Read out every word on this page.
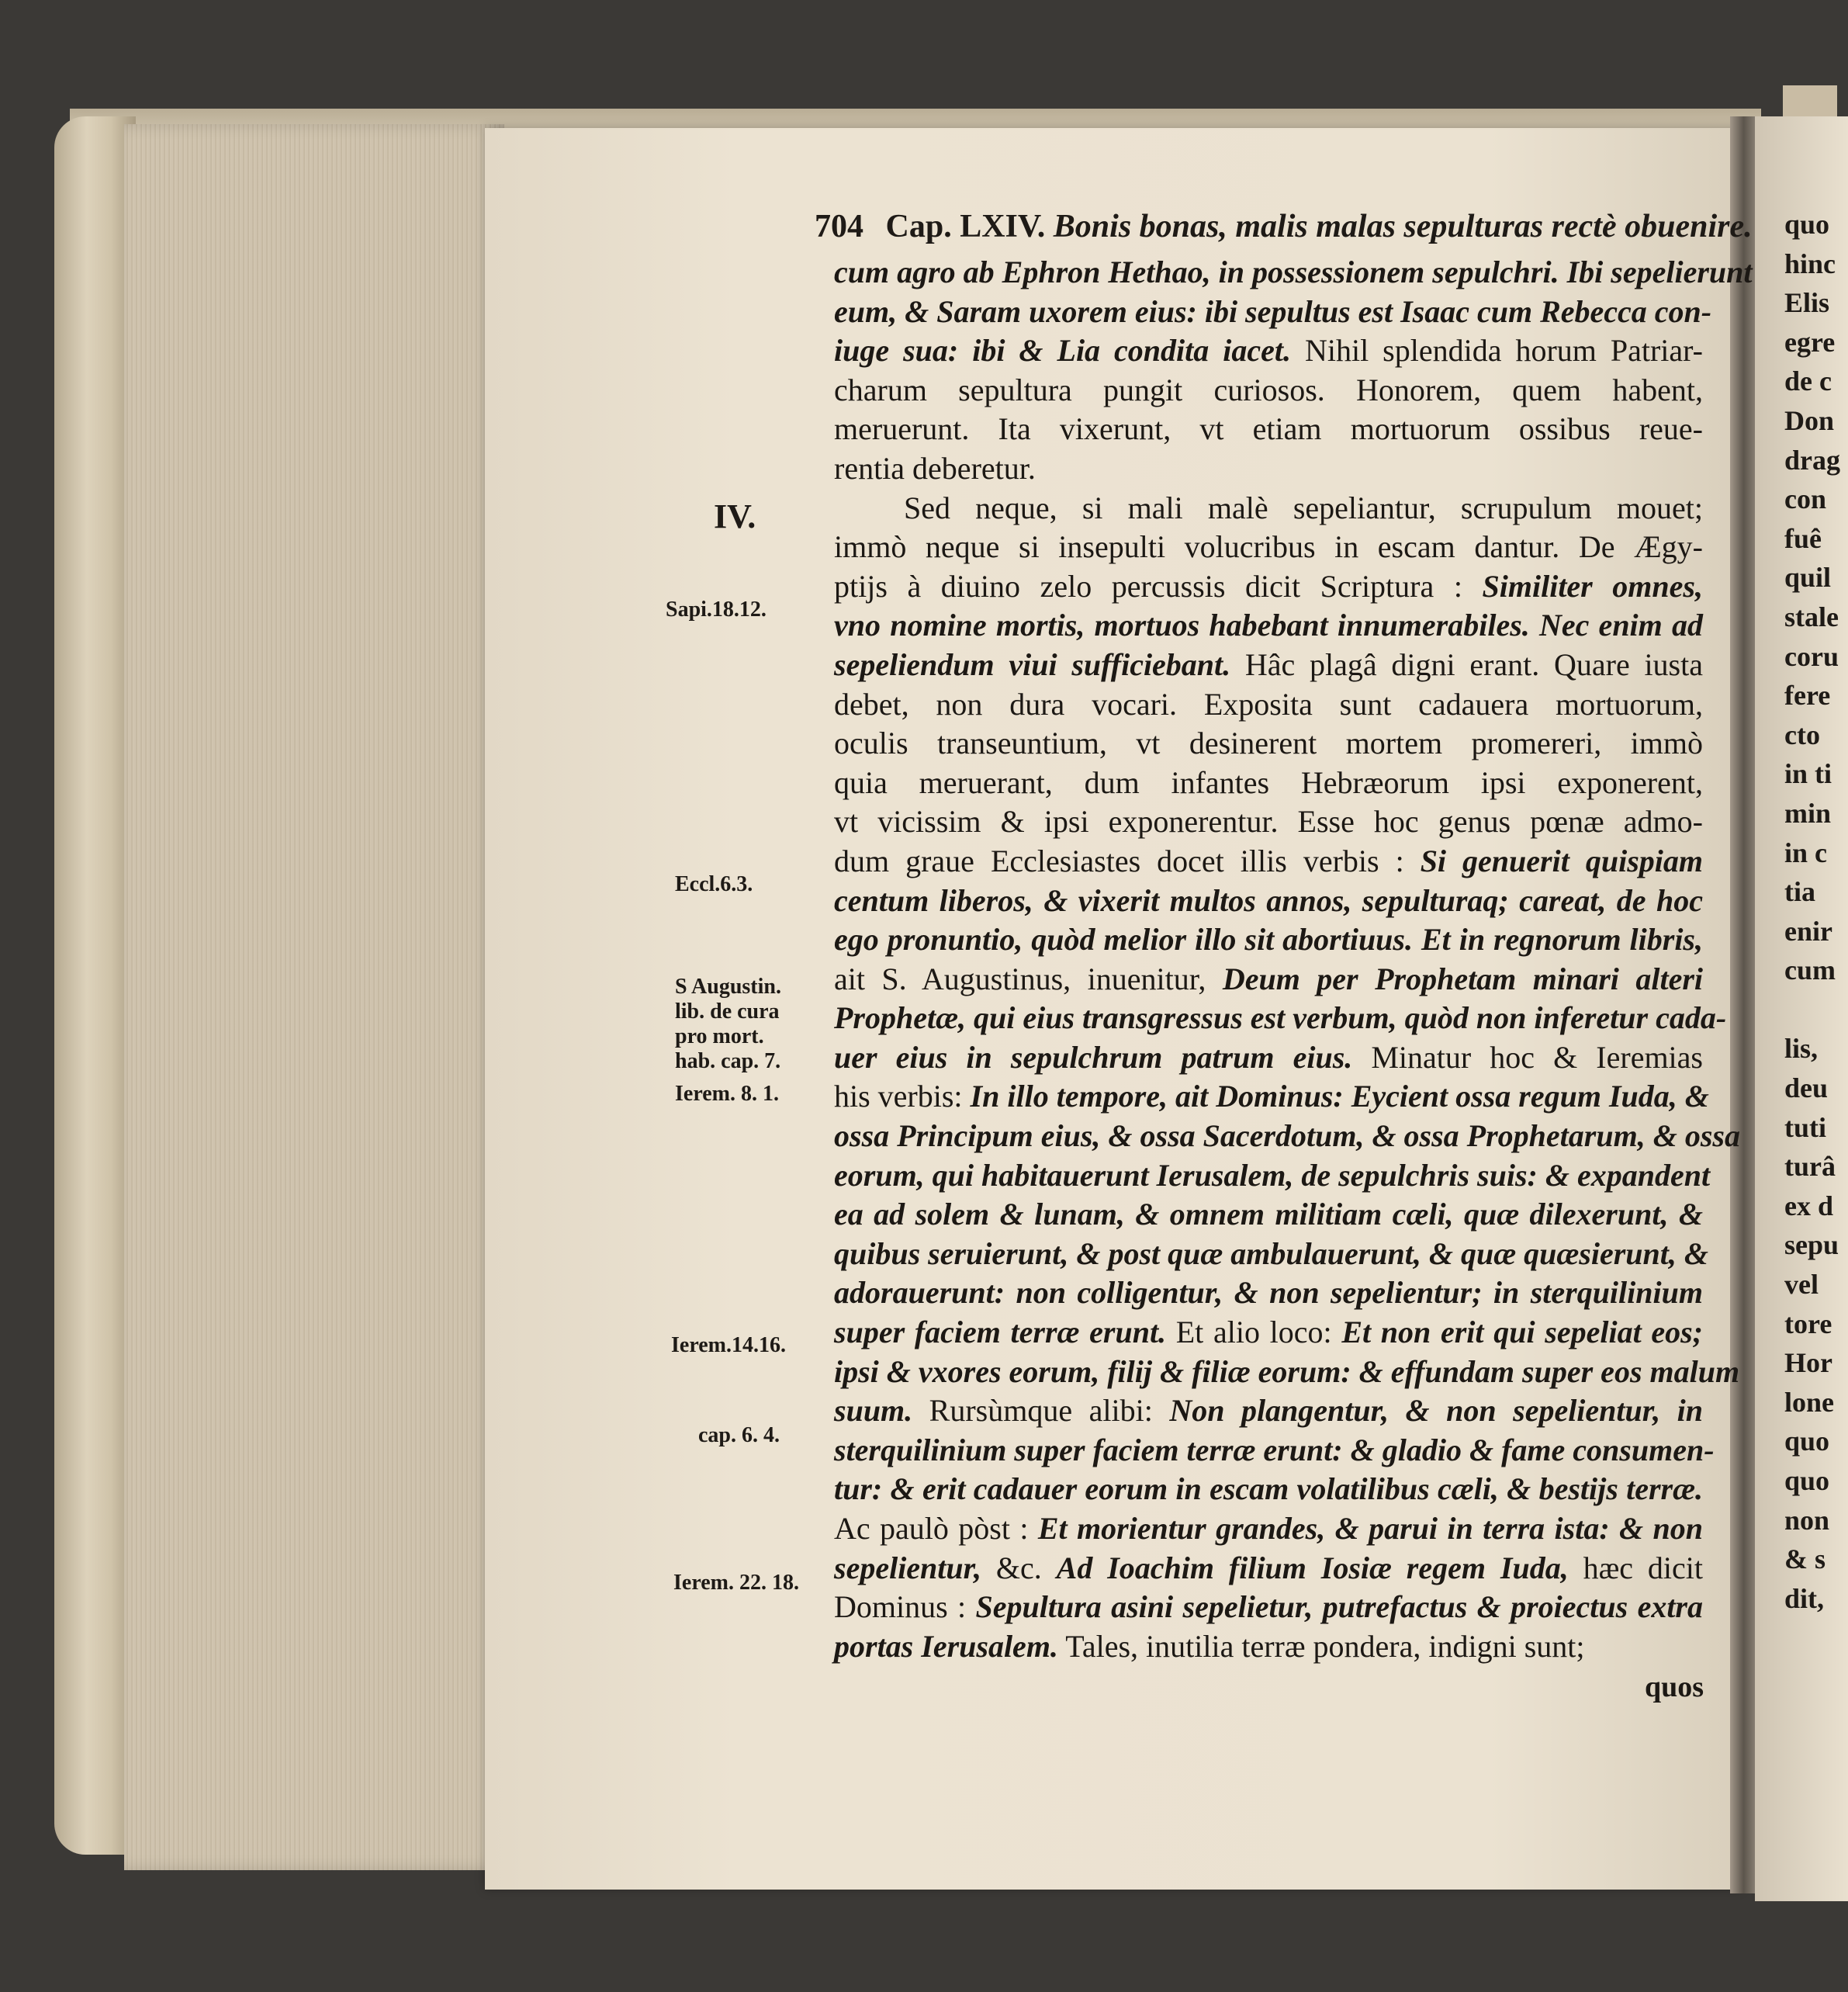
704 Cap. LXIV. Bonis bonas, malis malas sepulturas rectè obuenire.
IV.
cum agro ab Ephron Hethao, in possessionem sepulchri. Ibi sepelierunt
eum, & Saram uxorem eius: ibi sepultus est Isaac cum Rebecca con-
iuge sua: ibi & Lia condita iacet. Nihil splendida horum Patriar-
charum sepultura pungit curiosos. Honorem, quem habent,
meruerunt. Ita vixerunt, vt etiam mortuorum ossibus reue-
rentia deberetur.
Sed neque, si mali malè sepeliantur, scrupulum mouet;
immò neque si insepulti volucribus in escam dantur. De Ægy-
ptijs à diuino zelo percussis dicit Scriptura : Similiter omnes,
vno nomine mortis, mortuos habebant innumerabiles. Nec enim ad
sepeliendum viui sufficiebant. Hâc plagâ digni erant. Quare iusta
debet, non dura vocari. Exposita sunt cadauera mortuorum,
oculis transeuntium, vt desinerent mortem promereri, immò
quia meruerant, dum infantes Hebræorum ipsi exponerent,
vt vicissim & ipsi exponerentur. Esse hoc genus pœnæ admo-
dum graue Ecclesiastes docet illis verbis : Si genuerit quispiam
centum liberos, & vixerit multos annos, sepulturaq; careat, de hoc
ego pronuntio, quòd melior illo sit abortiuus. Et in regnorum libris,
ait S. Augustinus, inuenitur, Deum per Prophetam minari alteri
Prophetæ, qui eius transgressus est verbum, quòd non inferetur cada-
uer eius in sepulchrum patrum eius. Minatur hoc & Ieremias
his verbis: In illo tempore, ait Dominus: Eycient ossa regum Iuda, &
ossa Principum eius, & ossa Sacerdotum, & ossa Prophetarum, & ossa
eorum, qui habitauerunt Ierusalem, de sepulchris suis: & expandent
ea ad solem & lunam, & omnem militiam cæli, quæ dilexerunt, &
quibus seruierunt, & post quæ ambulauerunt, & quæ quæsierunt, &
adorauerunt: non colligentur, & non sepelientur; in sterquilinium
super faciem terræ erunt. Et alio loco: Et non erit qui sepeliat eos;
ipsi & vxores eorum, filij & filiæ eorum: & effundam super eos malum
suum. Rursùmque alibi: Non plangentur, & non sepelientur, in
sterquilinium super faciem terræ erunt: & gladio & fame consumen-
tur: & erit cadauer eorum in escam volatilibus cæli, & bestijs terræ.
Ac paulò pòst : Et morientur grandes, & parui in terra ista: & non
sepelientur, &c. Ad Ioachim filium Iosiæ regem Iuda, hæc dicit
Dominus : Sepultura asini sepelietur, putrefactus & proiectus extra
portas Ierusalem. Tales, inutilia terræ pondera, indigni sunt;
Sapi.18.12.
Eccl.6.3.
S Augustin.
lib. de cura
pro mort.
hab. cap. 7.
Ierem. 8. 1.
Ierem.14.16.
cap. 6. 4.
Ierem. 22. 18.
quos
quo
hinc
Elis
egre
de c
Don
drag
con
fuê
quil
stale
coru
fere
cto
in ti
min
in c
tia
enir
cum
lis,
deu
tuti
turâ
ex d
sepu
vel
tore
Hor
lone
quo
quo
non
& s
dit,
